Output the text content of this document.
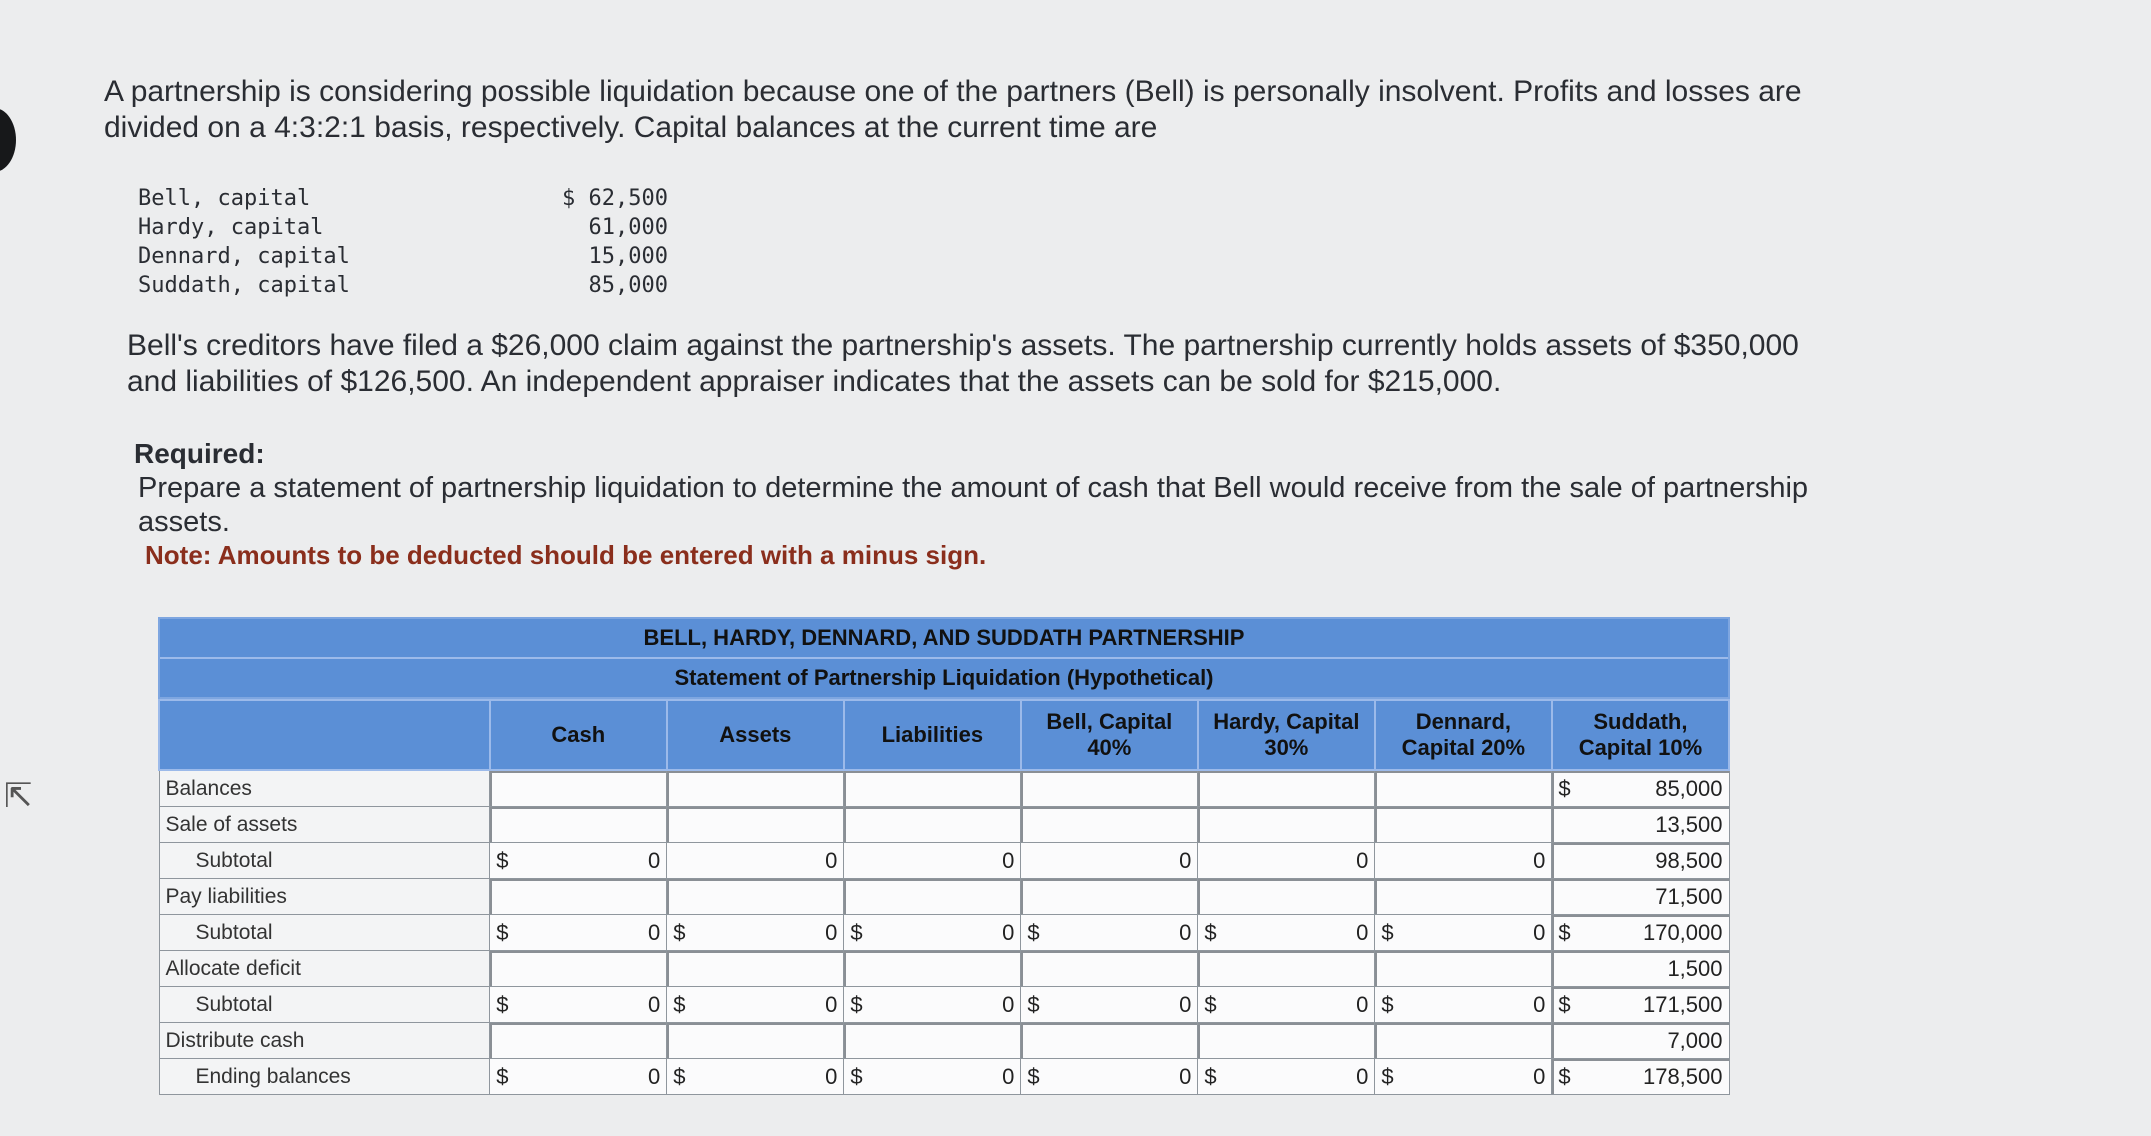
⇱
A partnership is considering possible liquidation because one of the partners (Bell) is personally insolvent. Profits and losses are divided on a 4:3:2:1 basis, respectively. Capital balances at the current time are
Bell, capital	$ 62,500
Hardy, capital	61,000
Dennard, capital	15,000
Suddath, capital	85,000
Bell's creditors have filed a $26,000 claim against the partnership's assets. The partnership currently holds assets of $350,000 and liabilities of $126,500. An independent appraiser indicates that the assets can be sold for $215,000.
Required:
Prepare a statement of partnership liquidation to determine the amount of cash that Bell would receive from the sale of partnership assets.
Note: Amounts to be deducted should be entered with a minus sign.
BELL, HARDY, DENNARD, AND SUDDATH PARTNERSHIP
Statement of Partnership Liquidation (Hypothetical)
	Cash	Assets	Liabilities	Bell, Capital 40%	Hardy, Capital 30%	Dennard, Capital 20%	Suddath, Capital 10%
Balances							$ 85,000

Sale of assets							13,500

Subtotal	$ 0	0	0	0	0	0	98,500

Pay liabilities							71,500

Subtotal	$ 0	$ 0	$ 0	$ 0	$ 0	$ 0	$ 170,000

Allocate deficit							1,500

Subtotal	$ 0	$ 0	$ 0	$ 0	$ 0	$ 0	$ 171,500

Distribute cash							7,000

Ending balances	$ 0	$ 0	$ 0	$ 0	$ 0	$ 0	$ 178,500
